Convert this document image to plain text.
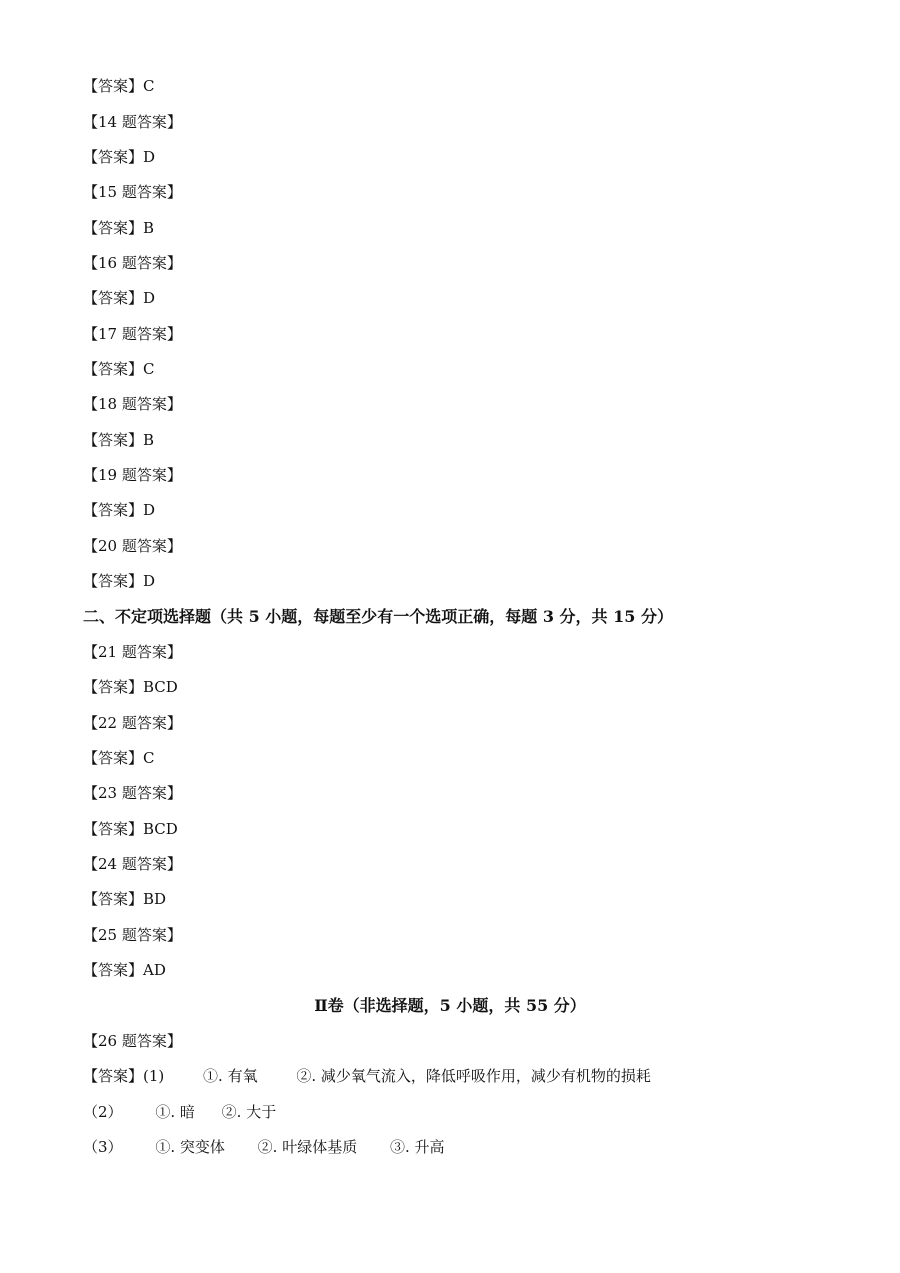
【答案】C
【14 题答案】
【答案】D
【15 题答案】
【答案】B
【16 题答案】
【答案】D
【17 题答案】
【答案】C
【18 题答案】
【答案】B
【19 题答案】
【答案】D
【20 题答案】
【答案】D
二、不定项选择题（共 5 小题，每题至少有一个选项正确，每题 3 分，共 15 分）
【21 题答案】
【答案】BCD
【22 题答案】
【答案】C
【23 题答案】
【答案】BCD
【24 题答案】
【答案】BD
【25 题答案】
【答案】AD
Ⅱ卷（非选择题，5 小题，共 55 分）
【26 题答案】
【答案】(1)	①. 有氧	②. 减少氧气流入，降低呼吸作用，减少有机物的损耗
（2） ①. 暗 ②. 大于
（3） ①. 突变体 ②. 叶绿体基质 ③. 升高
